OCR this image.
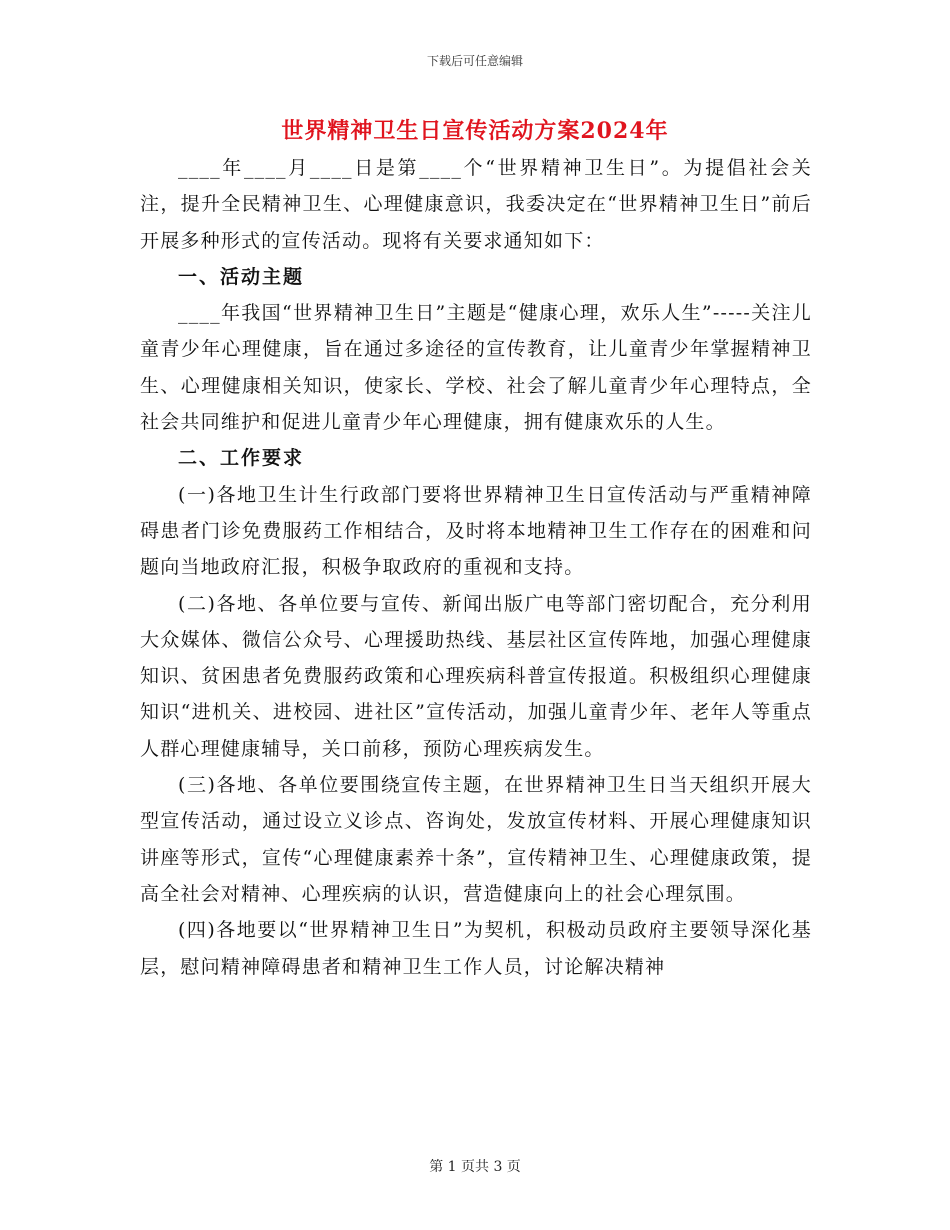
下载后可任意编辑
世界精神卫生日宣传活动方案2024年

____年____月____日是第____个“世界精神卫生日”。为提倡社会关注，提升全民精神卫生、心理健康意识，我委决定在“世界精神卫生日”前后开展多种形式的宣传活动。现将有关要求通知如下：

一、活动主题

____年我国“世界精神卫生日”主题是“健康心理，欢乐人生”-----关注儿童青少年心理健康，旨在通过多途径的宣传教育，让儿童青少年掌握精神卫生、心理健康相关知识，使家长、学校、社会了解儿童青少年心理特点，全社会共同维护和促进儿童青少年心理健康，拥有健康欢乐的人生。

二、工作要求

(一)各地卫生计生行政部门要将世界精神卫生日宣传活动与严重精神障碍患者门诊免费服药工作相结合，及时将本地精神卫生工作存在的困难和问题向当地政府汇报，积极争取政府的重视和支持。

(二)各地、各单位要与宣传、新闻出版广电等部门密切配合，充分利用大众媒体、微信公众号、心理援助热线、基层社区宣传阵地，加强心理健康知识、贫困患者免费服药政策和心理疾病科普宣传报道。积极组织心理健康知识“进机关、进校园、进社区”宣传活动，加强儿童青少年、老年人等重点人群心理健康辅导，关口前移，预防心理疾病发生。

(三)各地、各单位要围绕宣传主题，在世界精神卫生日当天组织开展大型宣传活动，通过设立义诊点、咨询处，发放宣传材料、开展心理健康知识讲座等形式，宣传“心理健康素养十条”，宣传精神卫生、心理健康政策，提高全社会对精神、心理疾病的认识，营造健康向上的社会心理氛围。

(四)各地要以“世界精神卫生日”为契机，积极动员政府主要领导深化基层，慰问精神障碍患者和精神卫生工作人员，讨论解决精神

第 1 页共 3 页
